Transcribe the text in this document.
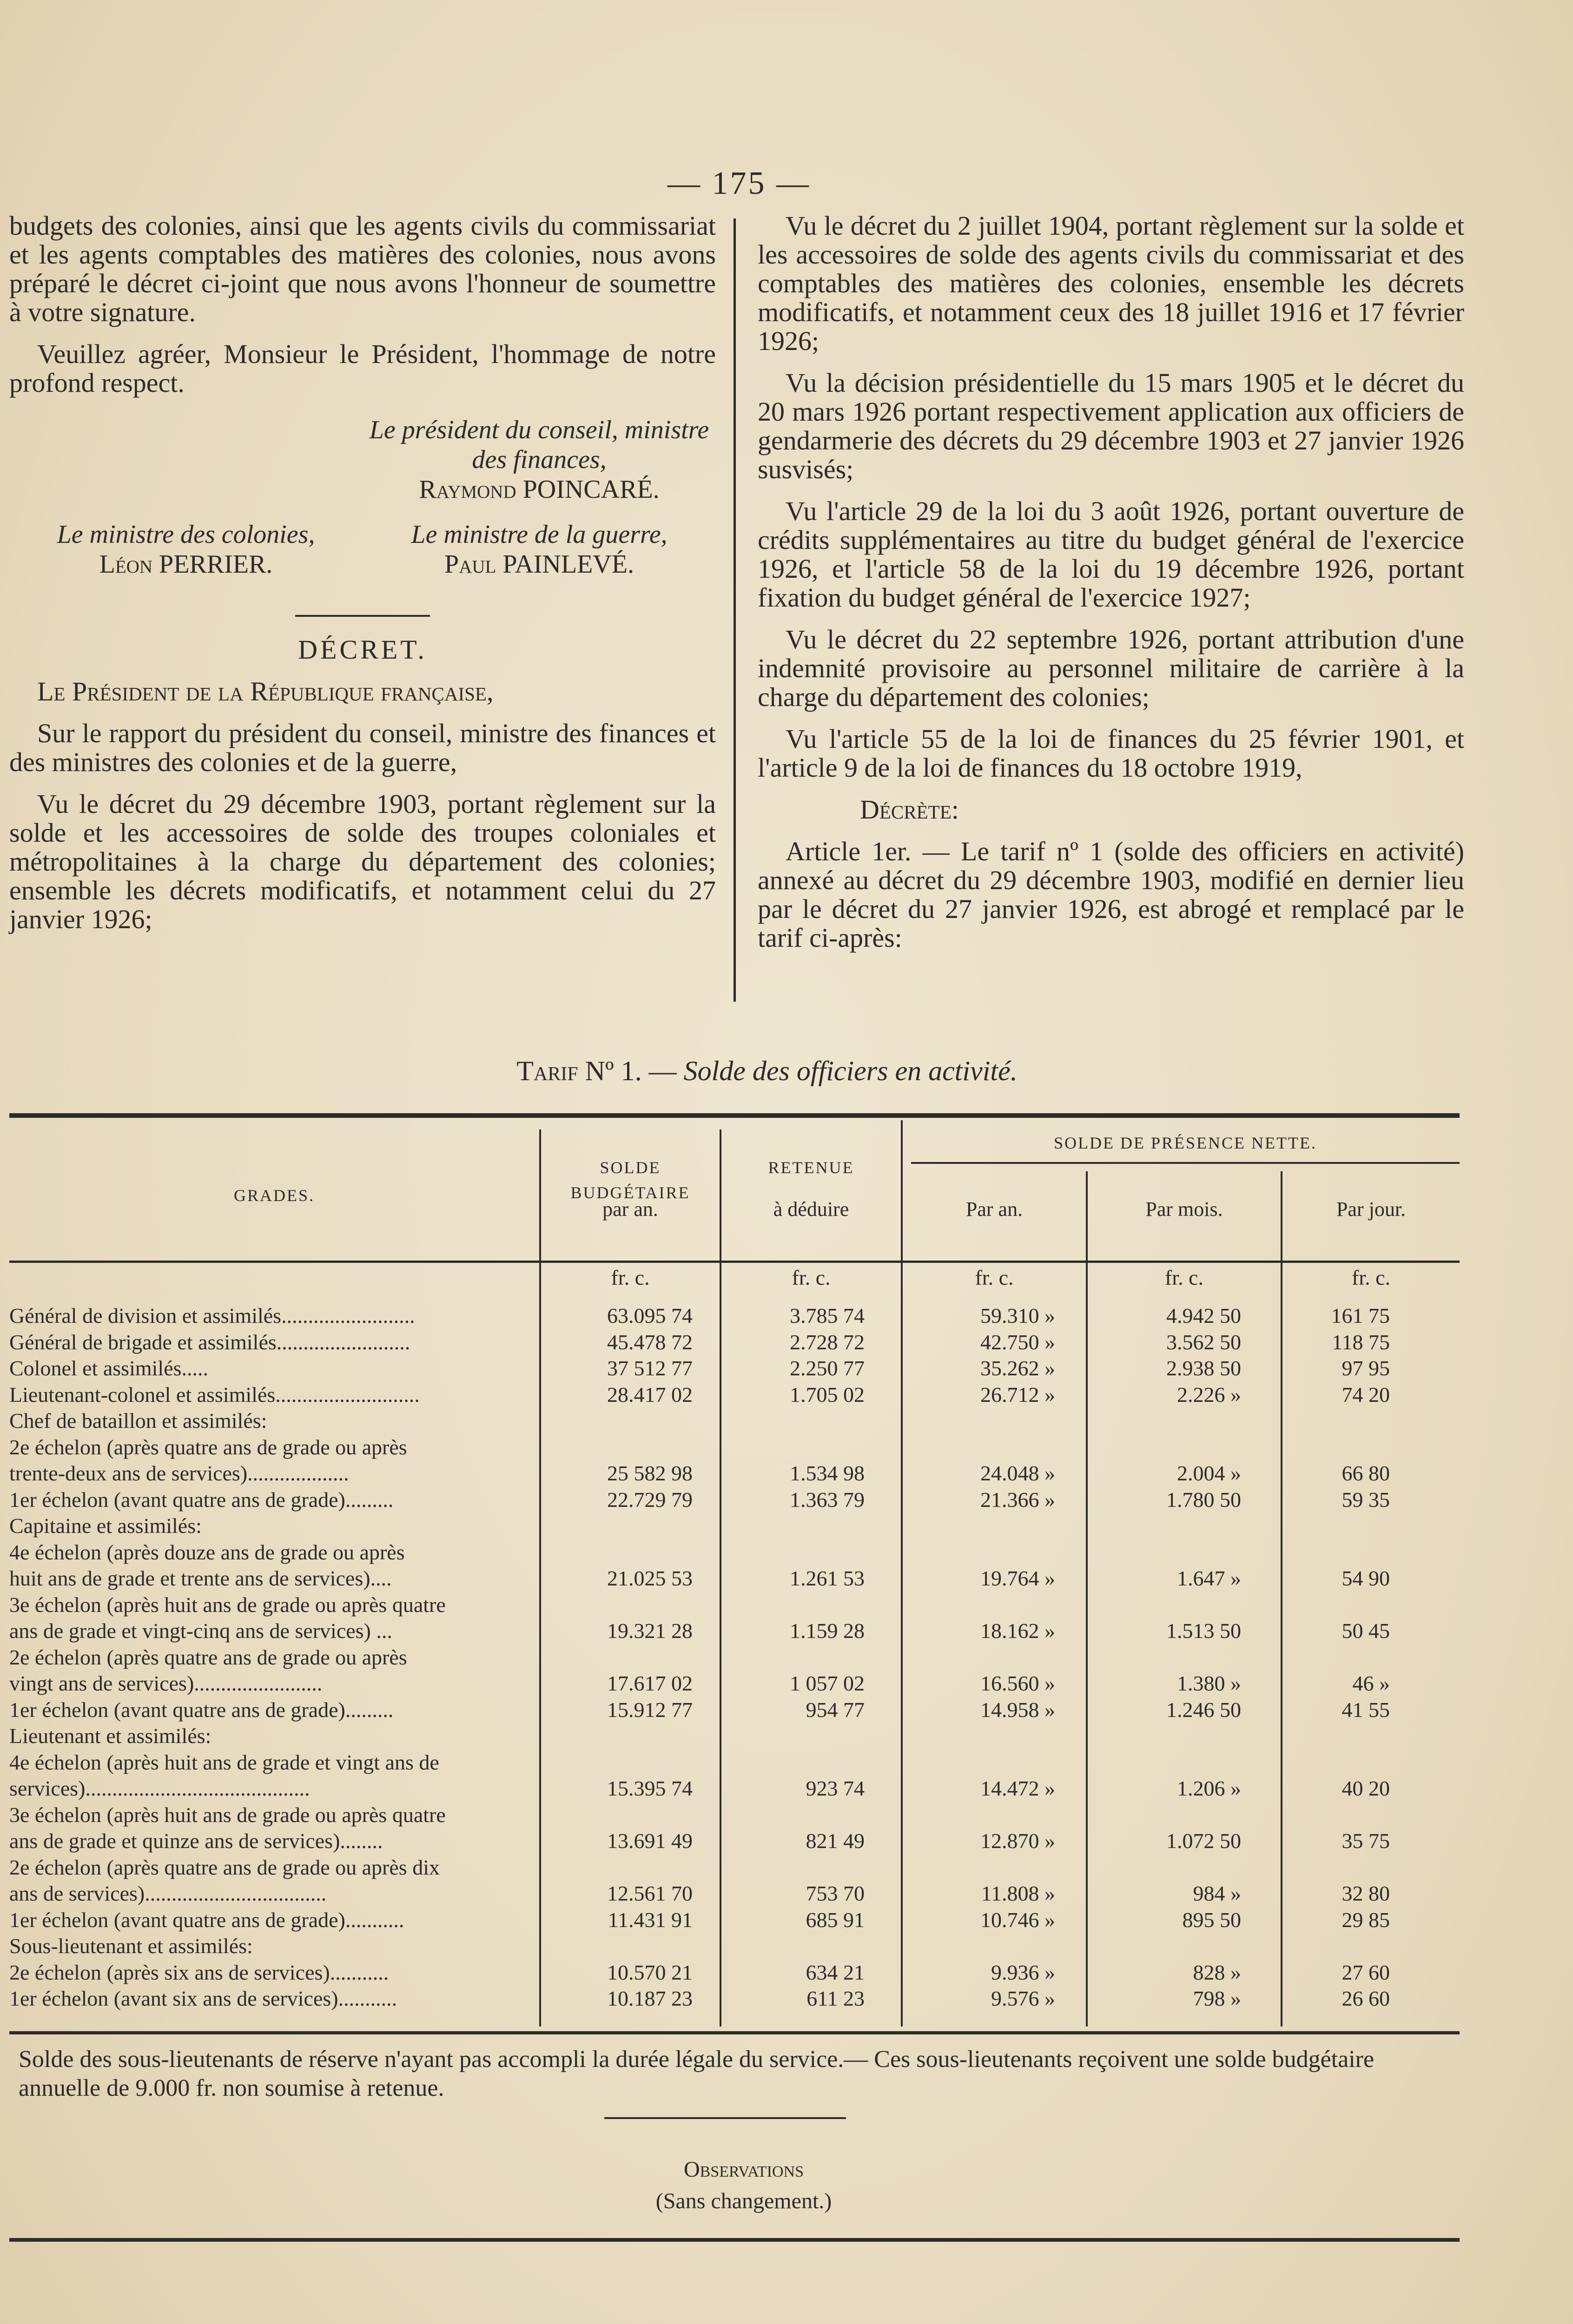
— 175 —

budgets des colonies, ainsi que les agents civils du commissariat et les agents comptables des matières des colonies, nous avons préparé le décret ci-joint que nous avons l'honneur de soumettre à votre signature.

Veuillez agréer, Monsieur le Président, l'hommage de notre profond respect.

Le président du conseil, ministre des finances,
Raymond POINCARÉ.
Le ministre des colonies,
Léon PERRIER.
Le ministre de la guerre,
Paul PAINLEVÉ.

DÉCRET.

Le Président de la République française,

Sur le rapport du président du conseil, ministre des finances et des ministres des colonies et de la guerre,

Vu le décret du 29 décembre 1903, portant règlement sur la solde et les accessoires de solde des troupes coloniales et métropolitaines à la charge du département des colonies; ensemble les décrets modificatifs, et notamment celui du 27 janvier 1926;

Vu le décret du 2 juillet 1904, portant règlement sur la solde et les accessoires de solde des agents civils du commissariat et des comptables des matières des colonies, ensemble les décrets modificatifs, et notamment ceux des 18 juillet 1916 et 17 février 1926;

Vu la décision présidentielle du 15 mars 1905 et le décret du 20 mars 1926 portant respectivement application aux officiers de gendarmerie des décrets du 29 décembre 1903 et 27 janvier 1926 susvisés;

Vu l'article 29 de la loi du 3 août 1926, portant ouverture de crédits supplémentaires au titre du budget général de l'exercice 1926, et l'article 58 de la loi du 19 décembre 1926, portant fixation du budget général de l'exercice 1927;

Vu le décret du 22 septembre 1926, portant attribution d'une indemnité provisoire au personnel militaire de carrière à la charge du département des colonies;

Vu l'article 55 de la loi de finances du 25 février 1901, et l'article 9 de la loi de finances du 18 octobre 1919,

Décrète:

Article 1er. — Le tarif nº 1 (solde des officiers en activité) annexé au décret du 29 décembre 1903, modifié en dernier lieu par le décret du 27 janvier 1926, est abrogé et remplacé par le tarif ci-après:

Tarif Nº 1. — Solde des officiers en activité.
SOLDE DE PRÉSENCE NETTE.
GRADES.
SOLDE BUDGÉTAIRE
par an.
RETENUE
à déduire	Par an.	Par mois.	Par jour.
fr. c.	fr. c.	fr. c.	fr. c.	fr. c.
Général de division et assimilés.........................	63.095 74	3.785 74	59.310 »	4.942 50	161 75
Général de brigade et assimilés.........................	45.478 72	2.728 72	42.750 »	3.562 50	118 75
Colonel et assimilés.....	37 512 77	2.250 77	35.262 »	2.938 50	97 95
Lieutenant-colonel et assimilés...........................	28.417 02	1.705 02	26.712 »	2.226 »	74 20
Chef de bataillon et assimilés:
2e échelon (après quatre ans de grade ou après
trente-deux ans de services)...................	25 582 98	1.534 98	24.048 »	2.004 »	66 80
1er échelon (avant quatre ans de grade).........	22.729 79	1.363 79	21.366 »	1.780 50	59 35
Capitaine et assimilés:
4e échelon (après douze ans de grade ou après
huit ans de grade et trente ans de services)....	21.025 53	1.261 53	19.764 »	1.647 »	54 90
3e échelon (après huit ans de grade ou après quatre
ans de grade et vingt-cinq ans de services) ...	19.321 28	1.159 28	18.162 »	1.513 50	50 45
2e échelon (après quatre ans de grade ou après
vingt ans de services)........................	17.617 02	1 057 02	16.560 »	1.380 »	46 »
1er échelon (avant quatre ans de grade).........	15.912 77	954 77	14.958 »	1.246 50	41 55
Lieutenant et assimilés:
4e échelon (après huit ans de grade et vingt ans de
services)..........................................	15.395 74	923 74	14.472 »	1.206 »	40 20
3e échelon (après huit ans de grade ou après quatre
ans de grade et quinze ans de services)........	13.691 49	821 49	12.870 »	1.072 50	35 75
2e échelon (après quatre ans de grade ou après dix
ans de services)..................................	12.561 70	753 70	11.808 »	984 »	32 80
1er échelon (avant quatre ans de grade)...........	11.431 91	685 91	10.746 »	895 50	29 85
Sous-lieutenant et assimilés:
2e échelon (après six ans de services)...........	10.570 21	634 21	9.936 »	828 »	27 60
1er échelon (avant six ans de services)...........	10.187 23	611 23	9.576 »	798 »	26 60
Solde des sous-lieutenants de réserve n'ayant pas accompli la durée légale du service.— Ces sous-lieutenants reçoivent une solde budgétaire annuelle de 9.000 fr. non soumise à retenue.
Observations
(Sans changement.)
